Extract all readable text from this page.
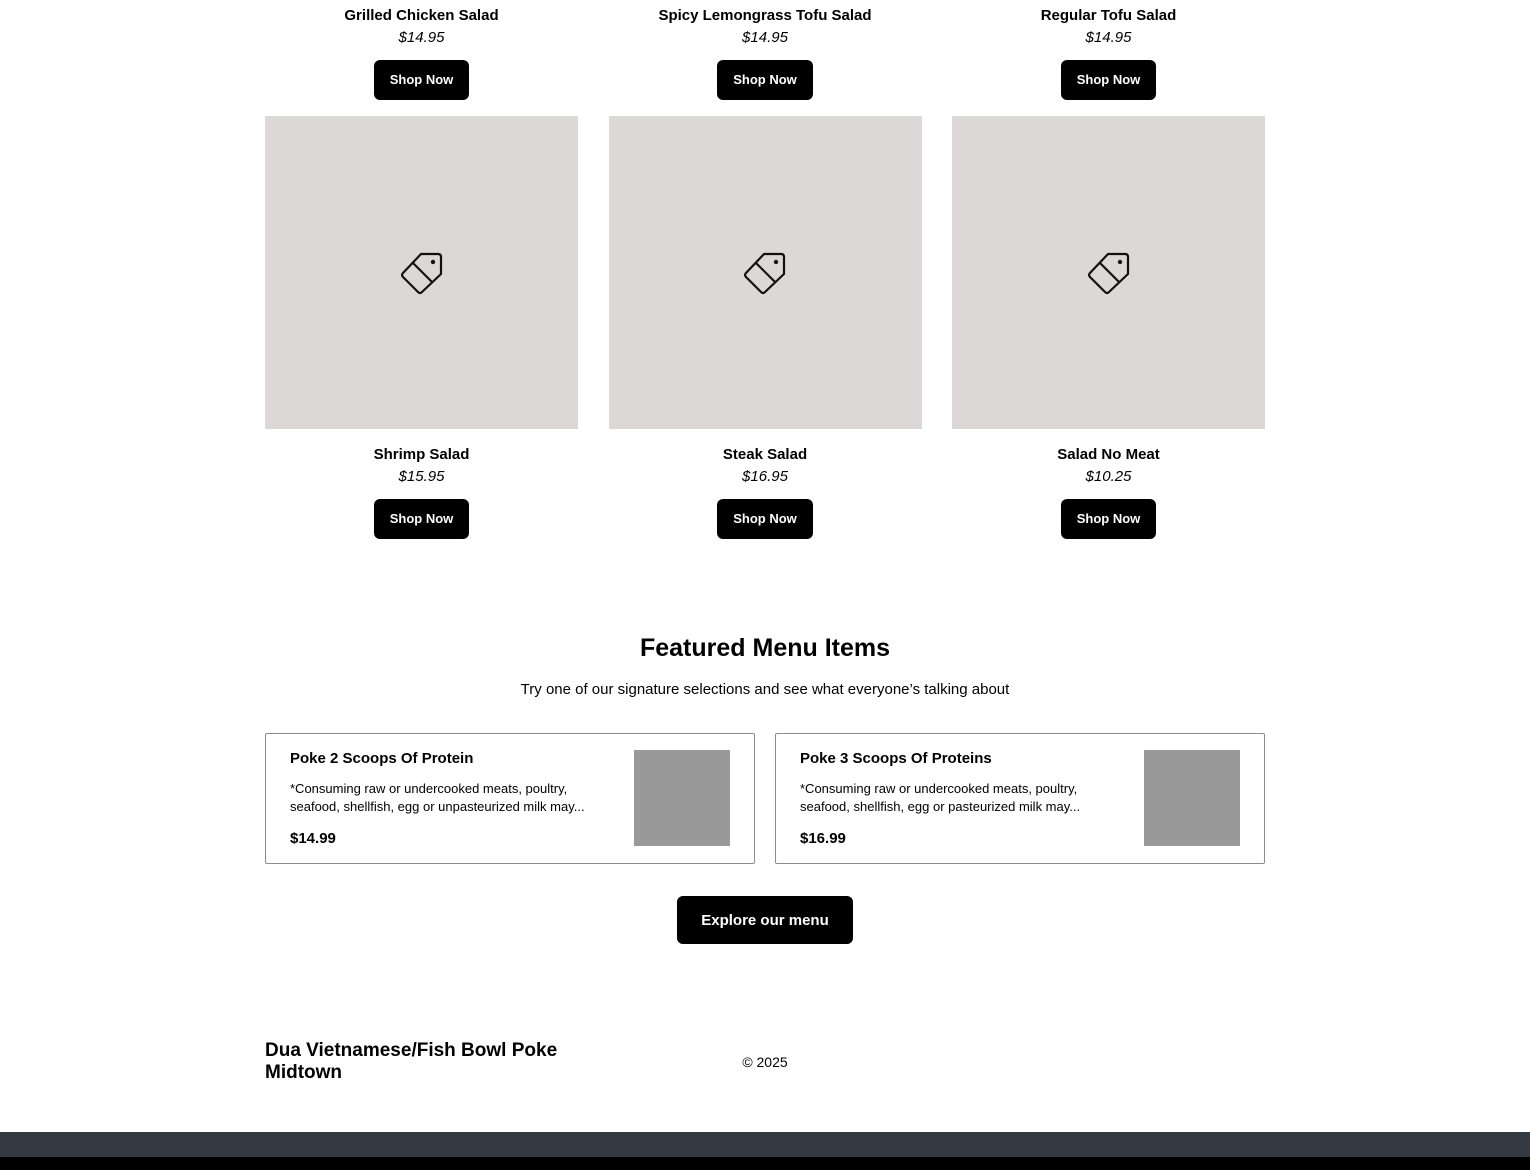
Grilled Chicken Salad

$14.95

Shop Now

Spicy Lemongrass Tofu Salad

$14.95

Shop Now

Regular Tofu Salad

$14.95

Shop Now

Shrimp Salad

$15.95

Shop Now

Steak Salad

$16.95

Shop Now

Salad No Meat

$10.25

Shop Now
Featured Menu Items

Try one of our signature selections and see what everyone’s talking about

Poke 2 Scoops Of Protein
*Consuming raw or undercooked meats, poultry, seafood, shellfish, egg or unpasteurized milk may...
$14.99
Poke 3 Scoops Of Proteins
*Consuming raw or undercooked meats, poultry, seafood, shellfish, egg or pasteurized milk may...
$16.99
Explore our menu
Dua Vietnamese/Fish Bowl Poke Midtown	© 2025
